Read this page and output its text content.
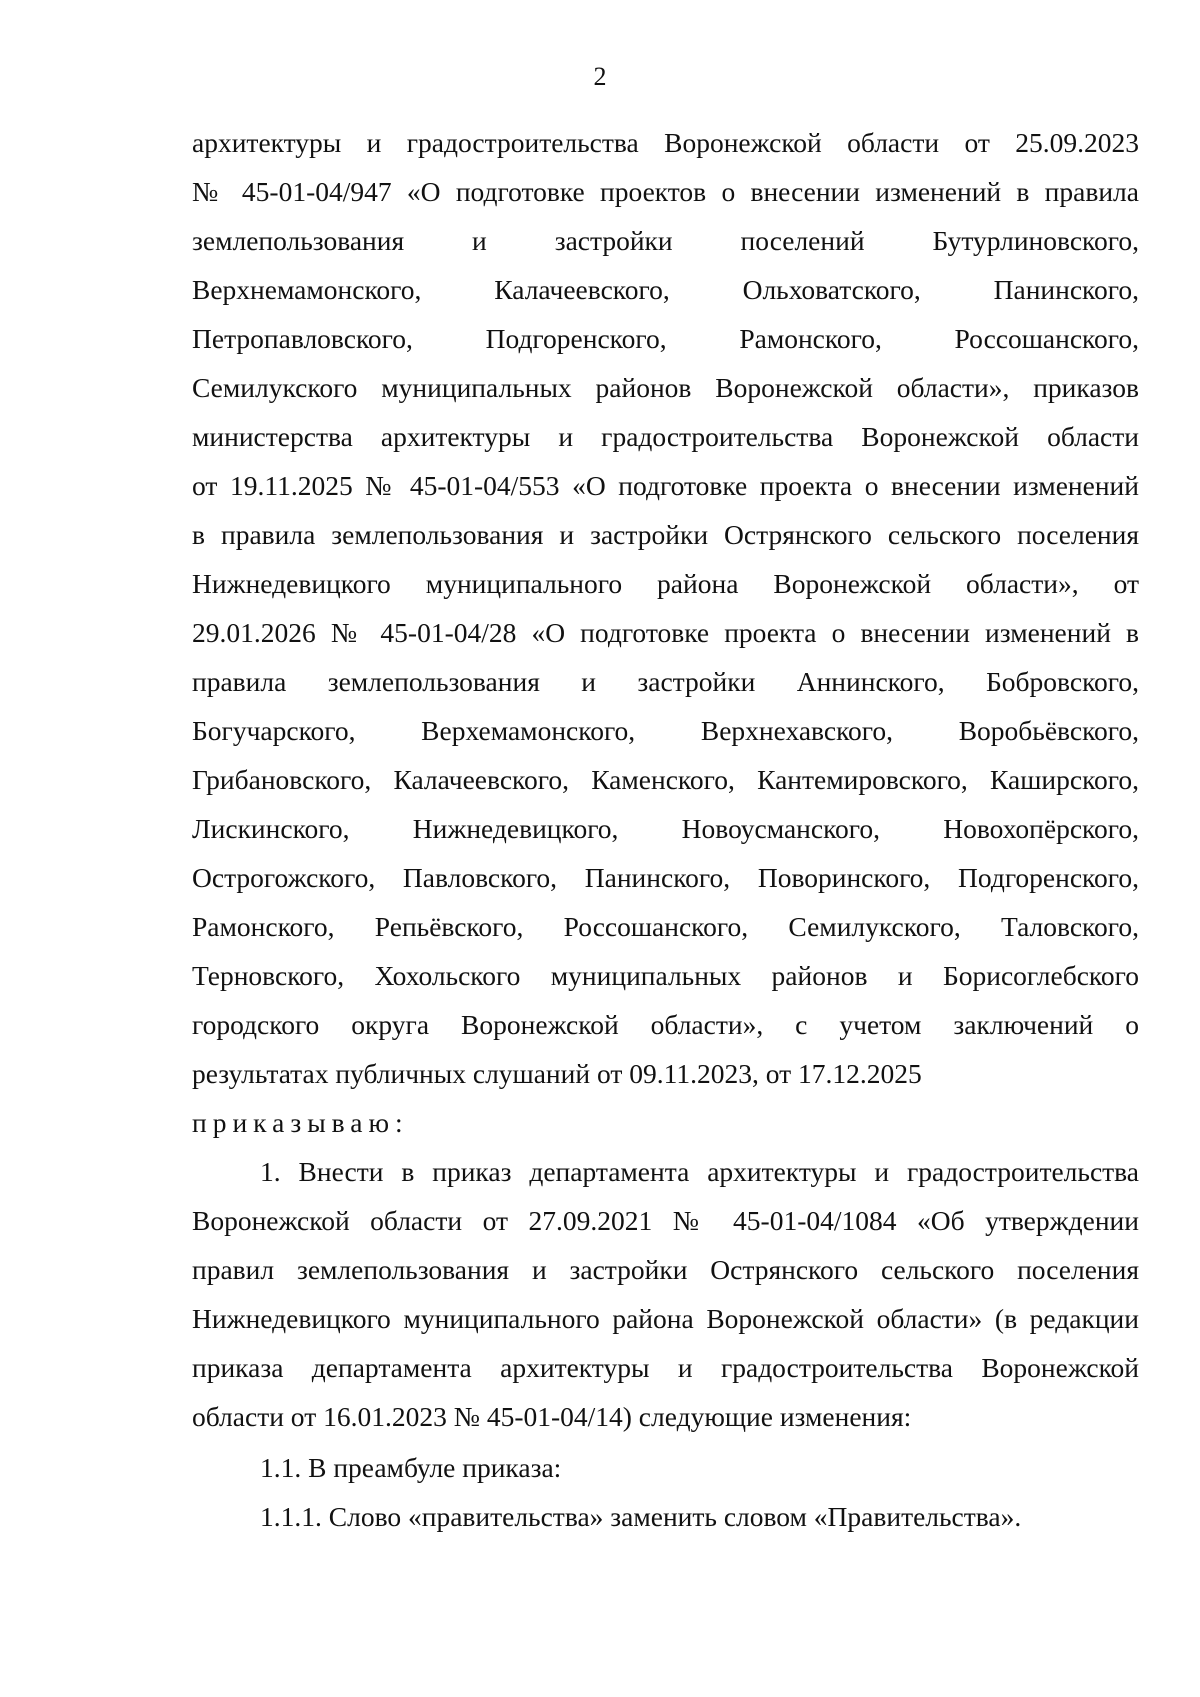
2
архитектуры и градостроительства Воронежской области от 25.09.2023
№ 45-01-04/947 «О подготовке проектов о внесении изменений в правила
землепользования и застройки поселений Бутурлиновского,
Верхнемамонского, Калачеевского, Ольховатского, Панинского,
Петропавловского, Подгоренского, Рамонского, Россошанского,
Семилукского муниципальных районов Воронежской области», приказов
министерства архитектуры и градостроительства Воронежской области
от 19.11.2025 № 45-01-04/553 «О подготовке проекта о внесении изменений
в правила землепользования и застройки Острянского сельского поселения
Нижнедевицкого муниципального района Воронежской области», от
29.01.2026 № 45-01-04/28 «О подготовке проекта о внесении изменений в
правила землепользования и застройки Аннинского, Бобровского,
Богучарского, Верхемамонского, Верхнехавского, Воробьёвского,
Грибановского, Калачеевского, Каменского, Кантемировского, Каширского,
Лискинского, Нижнедевицкого, Новоусманского, Новохопёрского,
Острогожского, Павловского, Панинского, Поворинского, Подгоренского,
Рамонского, Репьёвского, Россошанского, Семилукского, Таловского,
Терновского, Хохольского муниципальных районов и Борисоглебского
городского округа Воронежской области», с учетом заключений о
результатах публичных слушаний от 09.11.2023, от 17.12.2025
приказываю:
1. Внести в приказ департамента архитектуры и градостроительства
Воронежской области от 27.09.2021 № 45-01-04/1084 «Об утверждении
правил землепользования и застройки Острянского сельского поселения
Нижнедевицкого муниципального района Воронежской области» (в редакции
приказа департамента архитектуры и градостроительства Воронежской
области от 16.01.2023 № 45-01-04/14) следующие изменения:
1.1. В преамбуле приказа:
1.1.1. Слово «правительства» заменить словом «Правительства».
